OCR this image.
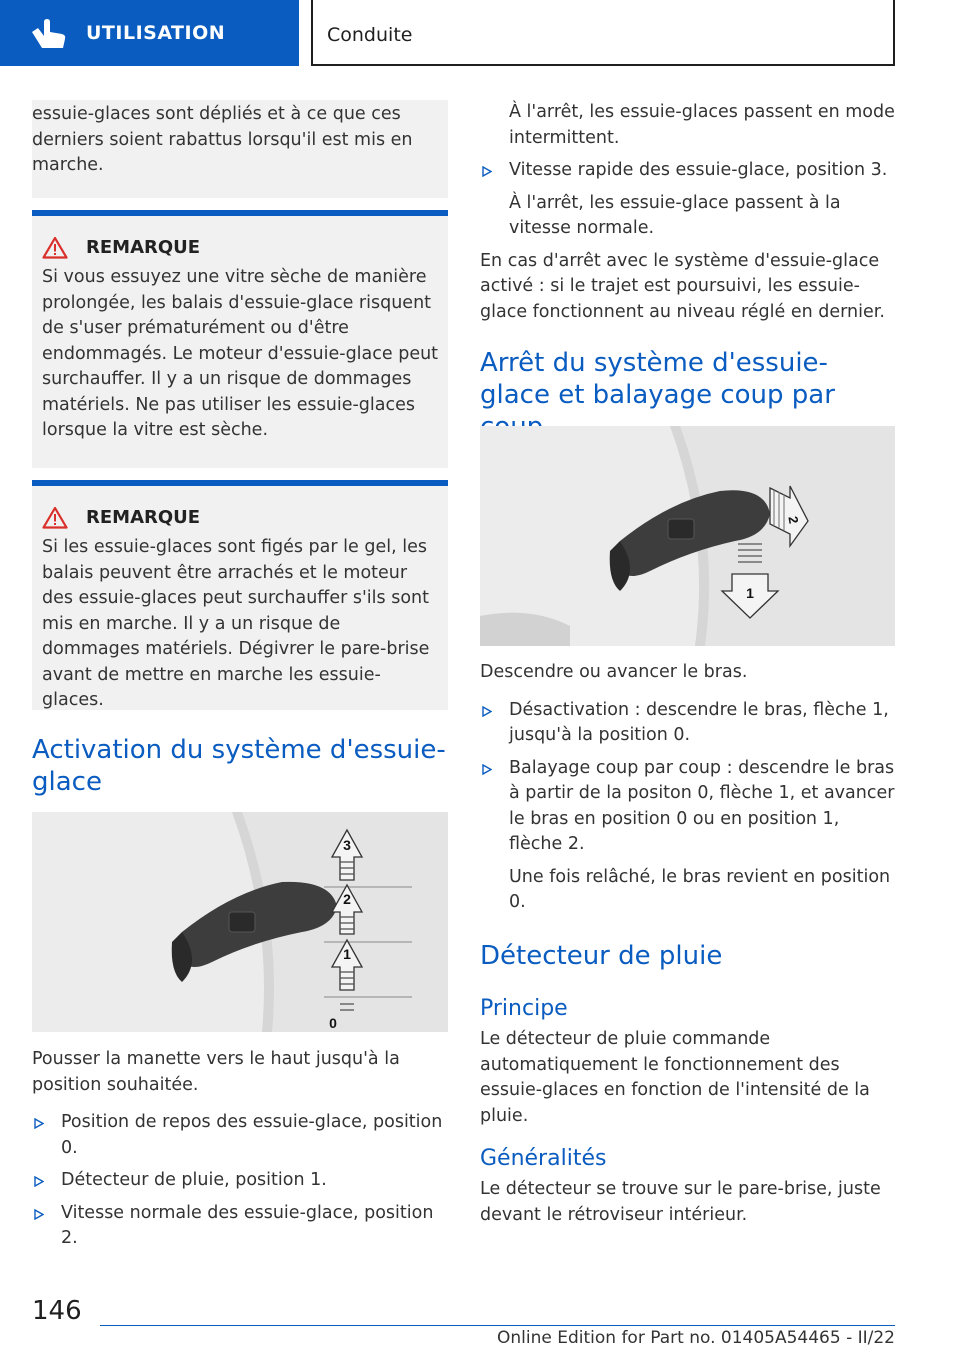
UTILISATION	Conduite

essuie-glaces sont dépliés et à ce que ces derniers soient rabattus lorsqu'il est mis en marche.

REMARQUE

Si vous essuyez une vitre sèche de manière prolongée, les balais d'essuie-glace risquent de s'user prématurément ou d'être endommagés. Le moteur d'essuie-glace peut surchauffer. Il y a un risque de dommages matériels. Ne pas utiliser les essuie-glaces lorsque la vitre est sèche.

REMARQUE

Si les essuie-glaces sont figés par le gel, les balais peuvent être arrachés et le moteur des essuie-glaces peut surchauffer s'ils sont mis en marche. Il y a un risque de dommages matériels. Dégivrer le pare-brise avant de mettre en marche les essuie-glaces.

Activation du système d'essuie-glace
3
2
1
0

Pousser la manette vers le haut jusqu'à la position souhaitée.

Position de repos des essuie-glace, position 0.
Détecteur de pluie, position 1.
Vitesse normale des essuie-glace, position 2.

À l'arrêt, les essuie-glaces passent en mode intermittent.

Vitesse rapide des essuie-glace, position 3.

À l'arrêt, les essuie-glace passent à la vitesse normale.

En cas d'arrêt avec le système d'essuie-glace activé : si le trajet est poursuivi, les essuie-glace fonctionnent au niveau réglé en dernier.

Arrêt du système d'essuie-glace et balayage coup par
1
2

Descendre ou avancer le bras.

Désactivation : descendre le bras, flèche 1, jusqu'à la position 0.
Balayage coup par coup : descendre le bras à partir de la positon 0, flèche 1, et avancer le bras en position 0 ou en position 1, flèche 2.

Une fois relâché, le bras revient en position 0.

Détecteur de pluie
Principe

Le détecteur de pluie commande automatiquement le fonctionnement des essuie-glaces en fonction de l'intensité de la pluie.

Généralités

Le détecteur se trouve sur le pare-brise, juste devant le rétroviseur intérieur.

146
Online Edition for Part no. 01405A54465 - II/22
